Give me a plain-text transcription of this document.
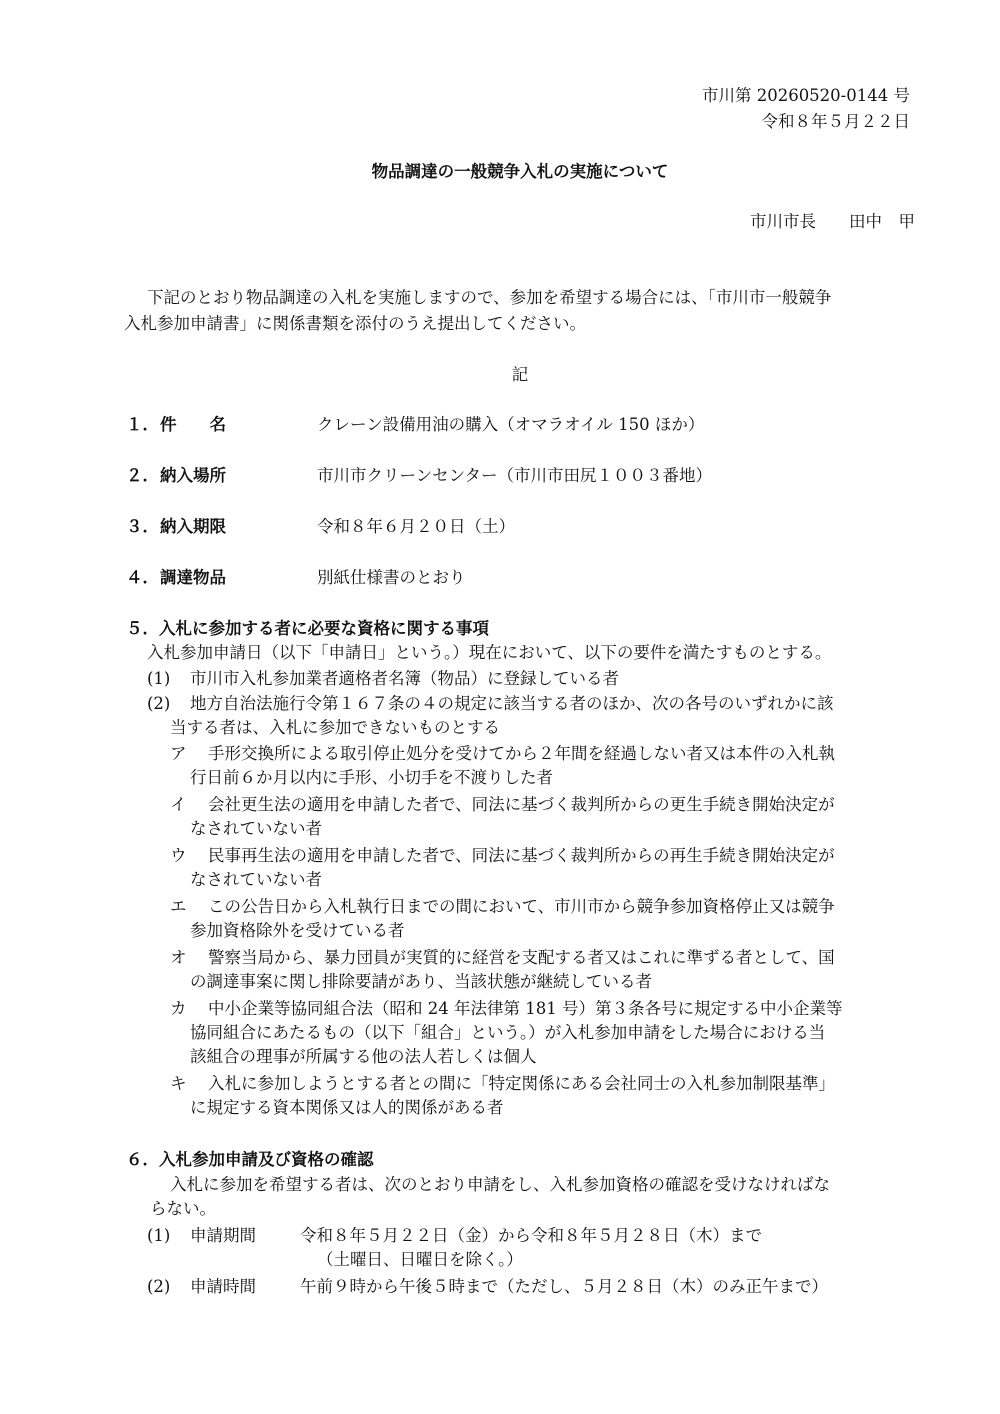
市川第 20260520-0144 号
令和８年５月２２日
物品調達の一般競争入札の実施について
市川市長　　田中　甲
下記のとおり物品調達の入札を実施しますので、参加を希望する場合には、「市川市一般競争
入札参加申請書」に関係書類を添付のうえ提出してください。
記
１． 件　　名	クレーン設備用油の購入（オマラオイル 150 ほか）
２． 納入場所	市川市クリーンセンター（市川市田尻１００３番地）
３． 納入期限	令和８年６月２０日（土）
４． 調達物品	別紙仕様書のとおり
５．入札に参加する者に必要な資格に関する事項
入札参加申請日（以下「申請日」という。）現在において、以下の要件を満たすものとする。
(1) 市川市入札参加業者適格者名簿（物品）に登録している者
(2) 地方自治法施行令第１６７条の４の規定に該当する者のほか、次の各号のいずれかに該
当する者は、入札に参加できないものとする
ア 手形交換所による取引停止処分を受けてから２年間を経過しない者又は本件の入札執
行日前６か月以内に手形、小切手を不渡りした者
イ 会社更生法の適用を申請した者で、同法に基づく裁判所からの更生手続き開始決定が
なされていない者
ウ 民事再生法の適用を申請した者で、同法に基づく裁判所からの再生手続き開始決定が
なされていない者
エ この公告日から入札執行日までの間において、市川市から競争参加資格停止又は競争
参加資格除外を受けている者
オ 警察当局から、暴力団員が実質的に経営を支配する者又はこれに準ずる者として、国
の調達事案に関し排除要請があり、当該状態が継続している者
カ 中小企業等協同組合法（昭和 24 年法律第 181 号）第３条各号に規定する中小企業等
協同組合にあたるもの（以下「組合」という。）が入札参加申請をした場合における当
該組合の理事が所属する他の法人若しくは個人
キ 入札に参加しようとする者との間に「特定関係にある会社同士の入札参加制限基準」
に規定する資本関係又は人的関係がある者
６．入札参加申請及び資格の確認
入札に参加を希望する者は、次のとおり申請をし、入札参加資格の確認を受けなければな
らない。
(1) 申請期間	令和８年５月２２日（金）から令和８年５月２８日（木）まで
（土曜日、日曜日を除く。）
(2) 申請時間	午前９時から午後５時まで（ただし、５月２８日（木）のみ正午まで）
